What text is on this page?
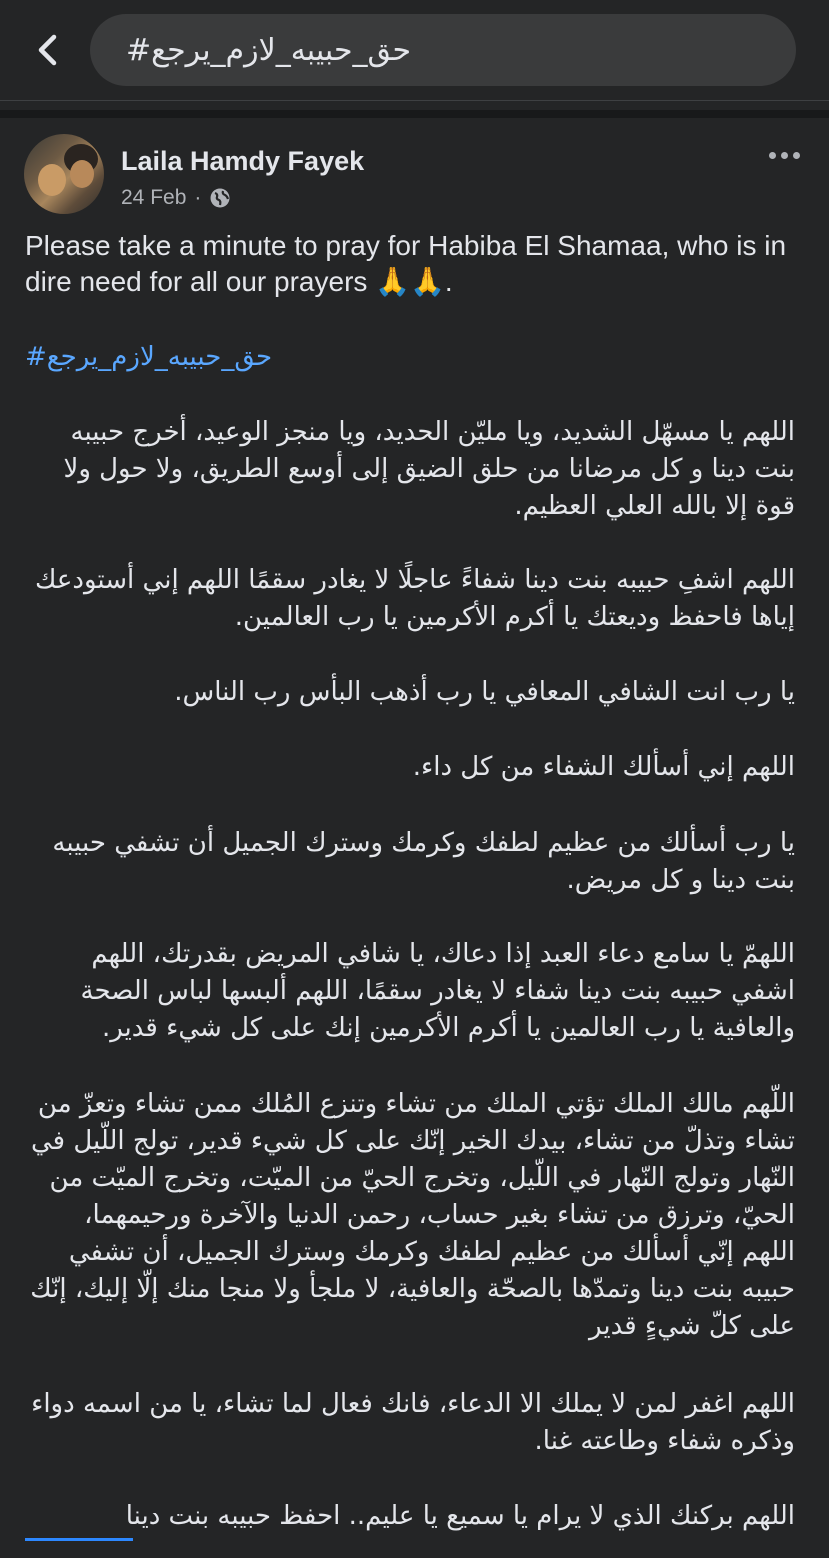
#حق_حبيبه_لازم_يرجع
Laila Hamdy Fayek
24 Feb ·

Please take a minute to pray for Habiba El Shamaa, who is in dire need for all our prayers 🙏🙏.

#حق_حبيبه_لازم_يرجع

اللهم يا مسهّل الشديد، ويا مليّن الحديد، ويا منجز الوعيد، أخرج حبيبه بنت دينا و كل مرضانا من حلق الضيق إلى أوسع الطريق، ولا حول ولا قوة إلا بالله العلي العظيم.

اللهم اشفِ حبيبه بنت دينا شفاءً عاجلًا لا يغادر سقمًا اللهم إني أستودعك إياها فاحفظ وديعتك يا أكرم الأكرمين يا رب العالمين.

يا رب انت الشافي المعافي يا رب أذهب البأس رب الناس.

اللهم إني أسألك الشفاء من كل داء.

يا رب أسألك من عظيم لطفك وكرمك وسترك الجميل أن تشفي حبيبه بنت دينا و كل مريض.

اللهمّ يا سامع دعاء العبد إذا دعاك، يا شافي المريض بقدرتك، اللهم اشفي حبيبه بنت دينا شفاء لا يغادر سقمًا، اللهم ألبسها لباس الصحة والعافية يا رب العالمين يا أكرم الأكرمين إنك على كل شيء قدير.

اللّهم مالك الملك تؤتي الملك من تشاء وتنزع المُلك ممن تشاء وتعزّ من تشاء وتذلّ من تشاء، بيدك الخير إنّك على كل شيء قدير، تولج اللّيل في النّهار وتولج النّهار في اللّيل، وتخرج الحيّ من الميّت، وتخرج الميّت من الحيّ، وترزق من تشاء بغير حساب، رحمن الدنيا والآخرة ورحيمهما، اللهم إنّي أسألك من عظيم لطفك وكرمك وسترك الجميل، أن تشفي حبيبه بنت دينا وتمدّها بالصحّة والعافية، لا ملجأ ولا منجا منك إلّا إليك، إنّك على كلّ شيءٍ قدير

اللهم اغفر لمن لا يملك الا الدعاء، فانك فعال لما تشاء، يا من اسمه دواء وذكره شفاء وطاعته غنا.

اللهم بركنك الذي لا يرام يا سميع يا عليم.. احفظ حبيبه بنت دينا
